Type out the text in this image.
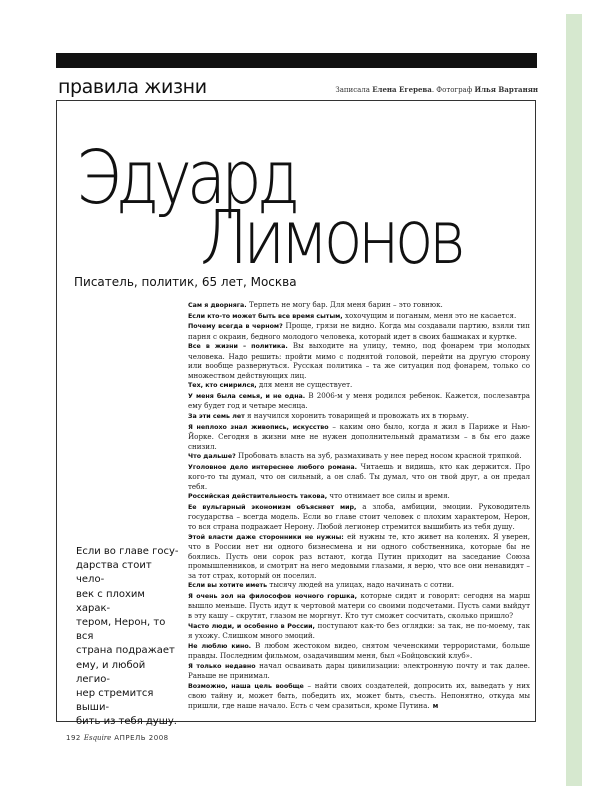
правила жизни	Записала Елена Егерева. Фотограф Илья Вартанян
Эдуард
Лимонов
Писатель, политик, 65 лет, Москва

Сам я дворняга. Терпеть не могу бар. Для меня барин – это говнюк.

Если кто-то может быть все время сытым, хохочущим и поганым, меня это не касается.

Почему всегда в черном? Проще, грязи не видно. Когда мы создавали партию, взяли тип парня с окраин, бедного молодого человека, который идет в своих башмаках и куртке.

Все в жизни – политика. Вы выходите на улицу, темно, под фонарем три молодых человека. Надо решить: пройти мимо с поднятой головой, перейти на другую сторону или вообще развернуться. Русская политика – та же ситуация под фонарем, только со множеством действующих лиц.

Тех, кто смирился, для меня не существует.

У меня была семья, и не одна. В 2006-м у меня родился ребенок. Кажется, послезавтра ему будет год и четыре месяца.

За эти семь лет я научился хоронить товарищей и провожать их в тюрьму.

Я неплохо знал живопись, искусство – каким оно было, когда я жил в Париже и Нью-Йорке. Сегодня в жизни мне не нужен дополнительный драматизм – в бы его даже снизил.

Что дальше? Пробовать власть на зуб, размахивать у нее перед носом красной тряпкой.

Уголовное дело интереснее любого романа. Читаешь и видишь, кто как держится. Про кого-то ты думал, что он сильный, а он слаб. Ты думал, что он твой друг, а он предал тебя.

Российская действительность такова, что отнимает все силы и время.

Ее вульгарный экономизм объясняет мир, а злоба, амбиции, эмоции. Руководитель государства – всегда модель. Если во главе стоит человек с плохим характером, Нерон, то вся страна подражает Нерону. Любой легионер стремится вышибить из тебя душу.

Этой власти даже сторонники не нужны: ей нужны те, кто живет на коленях. Я уверен, что в России нет ни одного бизнесмена и ни одного собственника, которые бы не боялись. Пусть они сорок раз встают, когда Путин приходит на заседание Союза промышленников, и смотрят на него медовыми глазами, я верю, что все они ненавидят – за тот страх, который он поселил.

Если вы хотите иметь тысячу людей на улицах, надо начинать с сотни.

Я очень зол на философов ночного горшка, которые сидят и говорят: сегодня на марш вышло меньше. Пусть идут к чертовой матери со своими подсчетами. Пусть сами выйдут в эту кашу – скрутят, глазом не моргнут. Кто тут сможет сосчитать, сколько пришло?

Часто люди, и особенно в России, поступают как-то без оглядки: за так, не по-моему, так я ухожу. Слишком много эмоций.

Не люблю кино. В любом жестоком видео, снятом чеченскими террористами, больше правды. Последним фильмом, озадачившим меня, был «Бойцовский клуб».

Я только недавно начал осваивать дары цивилизации: электронную почту и так далее. Раньше не принимал.

Возможно, наша цель вообще – найти своих создателей, допросить их, выведать у них свою тайну и, может быть, победить их, может быть, съесть. Непонятно, откуда мы пришли, где наше начало. Есть с чем сразиться, кроме Путина. м

Если во главе госу-
дарства стоит чело-
век с плохим харак-
тером, Нерон, то вся
страна подражает
ему, и любой легио-
нер стремится выши-
бить из тебя душу.
192 Esquire АПРЕЛЬ 2008
